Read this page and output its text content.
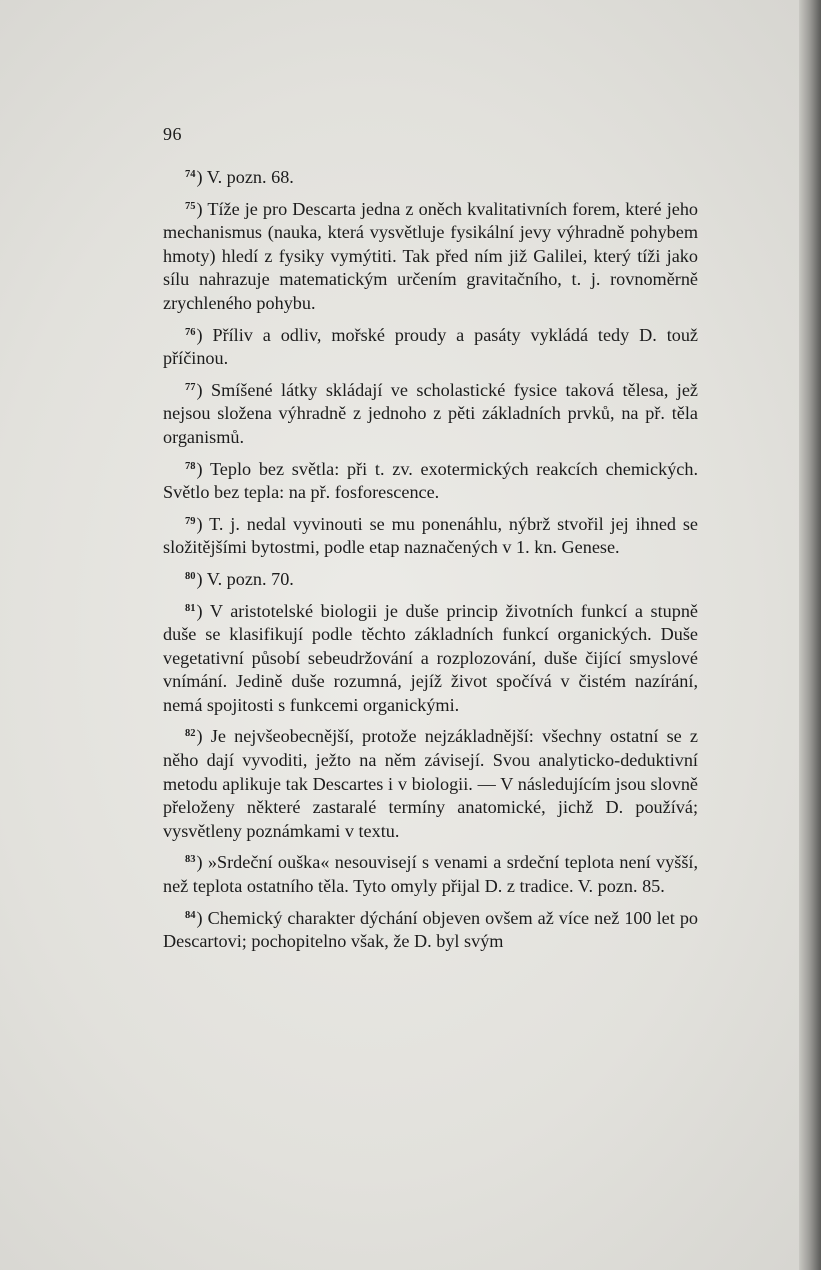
96

$^{74}$) V. pozn. 68.

$^{75}$) Tíže je pro Descarta jedna z oněch kvalitativních forem, které jeho mechanismus (nauka, která vysvětluje fysikální jevy výhradně pohybem hmoty) hledí z fysiky vymýtiti. Tak před ním již Galilei, který tíži jako sílu nahrazuje matematickým určením gravitačního, t. j. rovnoměrně zrychleného pohybu.

$^{76}$) Příliv a odliv, mořské proudy a pasáty vykládá tedy D. touž příčinou.

$^{77}$) Smíšené látky skládají ve scholastické fysice taková tělesa, jež nejsou složena výhradně z jednoho z pěti základních prvků, na př. těla organismů.

$^{78}$) Teplo bez světla: při t. zv. exotermických reakcích chemických. Světlo bez tepla: na př. fosforescence.

$^{79}$) T. j. nedal vyvinouti se mu ponenáhlu, nýbrž stvořil jej ihned se složitějšími bytostmi, podle etap naznačených v 1. kn. Genese.

$^{80}$) V. pozn. 70.

$^{81}$) V aristotelské biologii je duše princip životních funkcí a stupně duše se klasifikují podle těchto základních funkcí organických. Duše vegetativní působí sebeudržování a rozplozování, duše čijící smyslové vnímání. Jedině duše rozumná, jejíž život spočívá v čistém nazírání, nemá spojitosti s funkcemi organickými.

$^{82}$) Je nejvšeobecnější, protože nejzákladnější: všechny ostatní se z něho dají vyvoditi, ježto na něm závisejí. Svou analyticko-deduktivní metodu aplikuje tak Descartes i v biologii. — V následujícím jsou slovně přeloženy některé zastaralé termíny anatomické, jichž D. používá; vysvětleny poznámkami v textu.

$^{83}$) »Srdeční ouška« nesouvisejí s venami a srdeční teplota není vyšší, než teplota ostatního těla. Tyto omyly přijal D. z tradice. V. pozn. 85.

$^{84}$) Chemický charakter dýchání objeven ovšem až více než 100 let po Descartovi; pochopitelno však, že D. byl svým
